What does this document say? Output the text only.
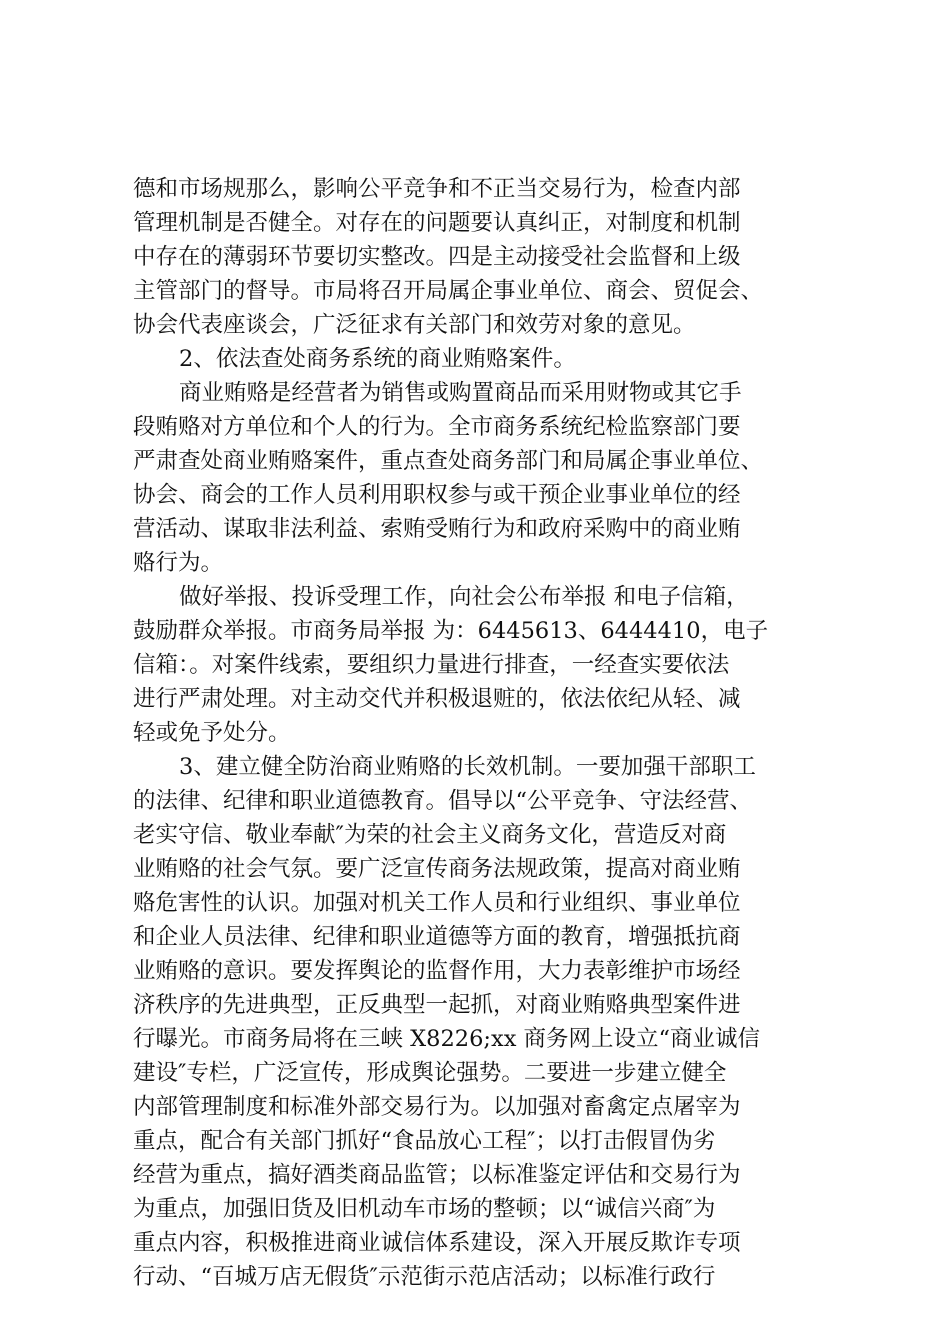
德和市场规那么，影响公平竞争和不正当交易行为，检查内部
管理机制是否健全。对存在的问题要认真纠正，对制度和机制
中存在的薄弱环节要切实整改。四是主动接受社会监督和上级
主管部门的督导。市局将召开局属企事业单位、商会、贸促会、
协会代表座谈会，广泛征求有关部门和效劳对象的意见。
2、依法查处商务系统的商业贿赂案件。
商业贿赂是经营者为销售或购置商品而采用财物或其它手
段贿赂对方单位和个人的行为。全市商务系统纪检监察部门要
严肃查处商业贿赂案件，重点查处商务部门和局属企事业单位、
协会、商会的工作人员利用职权参与或干预企业事业单位的经
营活动、谋取非法利益、索贿受贿行为和政府采购中的商业贿
赂行为。
做好举报、投诉受理工作，向社会公布举报 和电子信箱，
鼓励群众举报。市商务局举报 为：6445613、6444410，电子
信箱：。对案件线索，要组织力量进行排查，一经查实要依法
进行严肃处理。对主动交代并积极退赃的，依法依纪从轻、减
轻或免予处分。
3、建立健全防治商业贿赂的长效机制。一要加强干部职工
的法律、纪律和职业道德教育。倡导以“公平竞争、守法经营、
老实守信、敬业奉献″为荣的社会主义商务文化，营造反对商
业贿赂的社会气氛。要广泛宣传商务法规政策，提高对商业贿
赂危害性的认识。加强对机关工作人员和行业组织、事业单位
和企业人员法律、纪律和职业道德等方面的教育，增强抵抗商
业贿赂的意识。要发挥舆论的监督作用，大力表彰维护市场经
济秩序的先进典型，正反典型一起抓，对商业贿赂典型案件进
行曝光。市商务局将在三峡 X8226;xx 商务网上设立“商业诚信
建设″专栏，广泛宣传，形成舆论强势。二要进一步建立健全
内部管理制度和标准外部交易行为。以加强对畜禽定点屠宰为
重点，配合有关部门抓好“食品放心工程″；以打击假冒伪劣
经营为重点，搞好酒类商品监管；以标准鉴定评估和交易行为
为重点，加强旧货及旧机动车市场的整顿；以“诚信兴商″为
重点内容，积极推进商业诚信体系建设，深入开展反欺诈专项
行动、“百城万店无假货″示范街示范店活动；以标准行政行
